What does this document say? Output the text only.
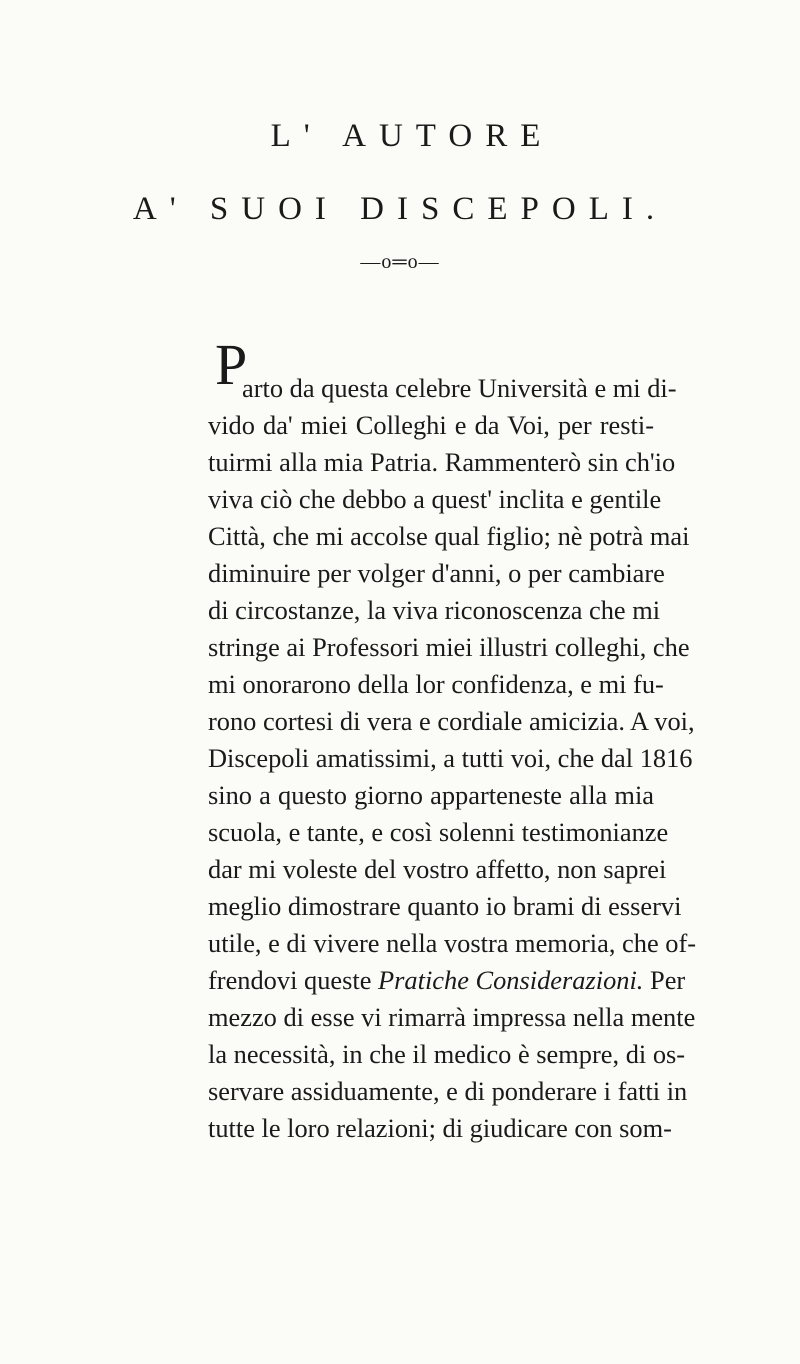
L' AUTORE
A' SUOI DISCEPOLI.
—o═o—
P
arto da questa celebre Università e mi di-
vido da' miei Colleghi e da Voi, per resti-
tuirmi alla mia Patria. Rammenterò sin ch'io
viva ciò che debbo a quest' inclita e gentile
Città, che mi accolse qual figlio; nè potrà mai
diminuire per volger d'anni, o per cambiare
di circostanze, la viva riconoscenza che mi
stringe ai Professori miei illustri colleghi, che
mi onorarono della lor confidenza, e mi fu-
rono cortesi di vera e cordiale amicizia. A voi,
Discepoli amatissimi, a tutti voi, che dal 1816
sino a questo giorno apparteneste alla mia
scuola, e tante, e così solenni testimonianze
dar mi voleste del vostro affetto, non saprei
meglio dimostrare quanto io brami di esservi
utile, e di vivere nella vostra memoria, che of-
frendovi queste Pratiche Considerazioni. Per
mezzo di esse vi rimarrà impressa nella mente
la necessità, in che il medico è sempre, di os-
servare assiduamente, e di ponderare i fatti in
tutte le loro relazioni; di giudicare con som-
